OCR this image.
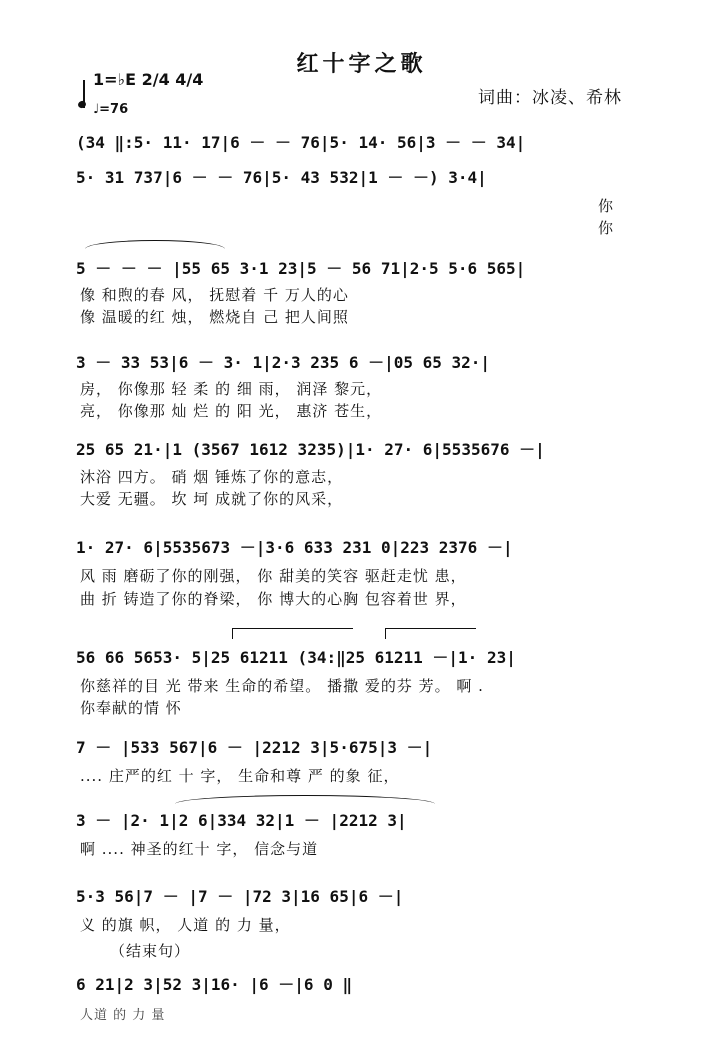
红十字之歌
1=♭E 2/4 4/4
♩=76
词曲：冰凌、希林
(34 ‖:5· 11· 17|6 － － 76|5· 14· 56|3 － － 34|
5· 31 737|6 － － 76|5· 43 532|1 － －) 3·4|
你
你
5 － － － |55 65 3·1 23|5 － 56 71|2·5 5·6 565|
像 和煦的春 风， 抚慰着 千 万人的心
像 温暖的红 烛， 燃烧自 己 把人间照
3 － 33 53|6 － 3· 1|2·3 235 6 －|05 65 32·|
房， 你像那 轻 柔 的 细 雨， 润泽 黎元，
亮， 你像那 灿 烂 的 阳 光， 惠济 苍生，
25 65 21·|1 (3567 1612 3235)|1· 27· 6|5535676 －|
沐浴 四方。 硝 烟 锤炼了你的意志，
大爱 无疆。 坎 坷 成就了你的风采，
1· 27· 6|5535673 －|3·6 633 231 0|223 2376 －|
风 雨 磨砺了你的刚强， 你 甜美的笑容 驱赶走忧 患，
曲 折 铸造了你的脊梁， 你 博大的心胸 包容着世 界，
56 66 5653· 5|25 61211 (34:‖25 61211 －|1· 23|
你慈祥的目 光 带来 生命的希望。 播撒 爱的芬 芳。 啊 .
你奉献的情 怀
7 － |533 567|6 － |2212 3|5·675|3 －|
.... 庄严的红 十 字， 生命和尊 严 的象 征，
3 － |2· 1|2 6|334 32|1 － |2212 3|
啊 .... 神圣的红十 字， 信念与道
5·3 56|7 － |7 － |72 3|16 65|6 －|
义 的旗 帜， 人道 的 力 量，
（结束句）
6 21|2 3|52 3|16· |6 －|6 0 ‖
人道 的 力 量
